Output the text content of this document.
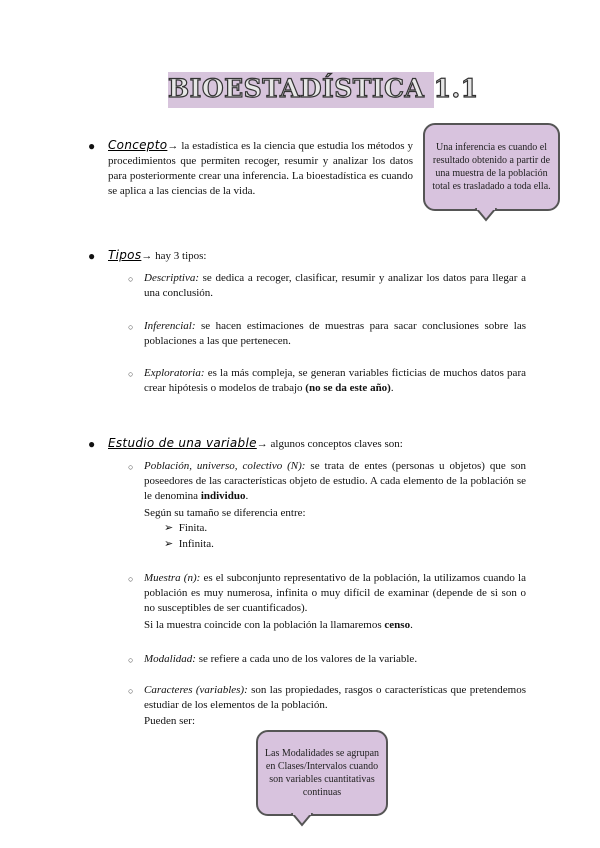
BIOESTADÍSTICA 1.1
● Concepto→ la estadística es la ciencia que estudia los métodos y procedimientos que permiten recoger, resumir y analizar los datos para posteriormente crear una inferencia. La bioestadística es cuando se aplica a las ciencias de la vida.
Una inferencia es cuando el resultado obtenido a partir de una muestra de la población total es trasladado a toda ella.
● Tipos→ hay 3 tipos:
○ Descriptiva: se dedica a recoger, clasificar, resumir y analizar los datos para llegar a una conclusión.
○ Inferencial: se hacen estimaciones de muestras para sacar conclusiones sobre las poblaciones a las que pertenecen.
○ Exploratoria: es la más compleja, se generan variables ficticias de muchos datos para crear hipótesis o modelos de trabajo (no se da este año).
● Estudio de una variable→ algunos conceptos claves son:
○ Población, universo, colectivo (N): se trata de entes (personas u objetos) que son poseedores de las características objeto de estudio. A cada elemento de la población se le denomina individuo.
Según su tamaño se diferencia entre:
➢ Finita.
➢ Infinita.
○ Muestra (n): es el subconjunto representativo de la población, la utilizamos cuando la población es muy numerosa, infinita o muy difícil de examinar (depende de si son o no susceptibles de ser cuantificados).
Si la muestra coincide con la población la llamaremos censo.
○ Modalidad: se refiere a cada uno de los valores de la variable.
○ Caracteres (variables): son las propiedades, rasgos o características que pretendemos estudiar de los elementos de la población.
Pueden ser:
Las Modalidades se agrupan en Clases/Intervalos cuando son variables cuantitativas continuas
